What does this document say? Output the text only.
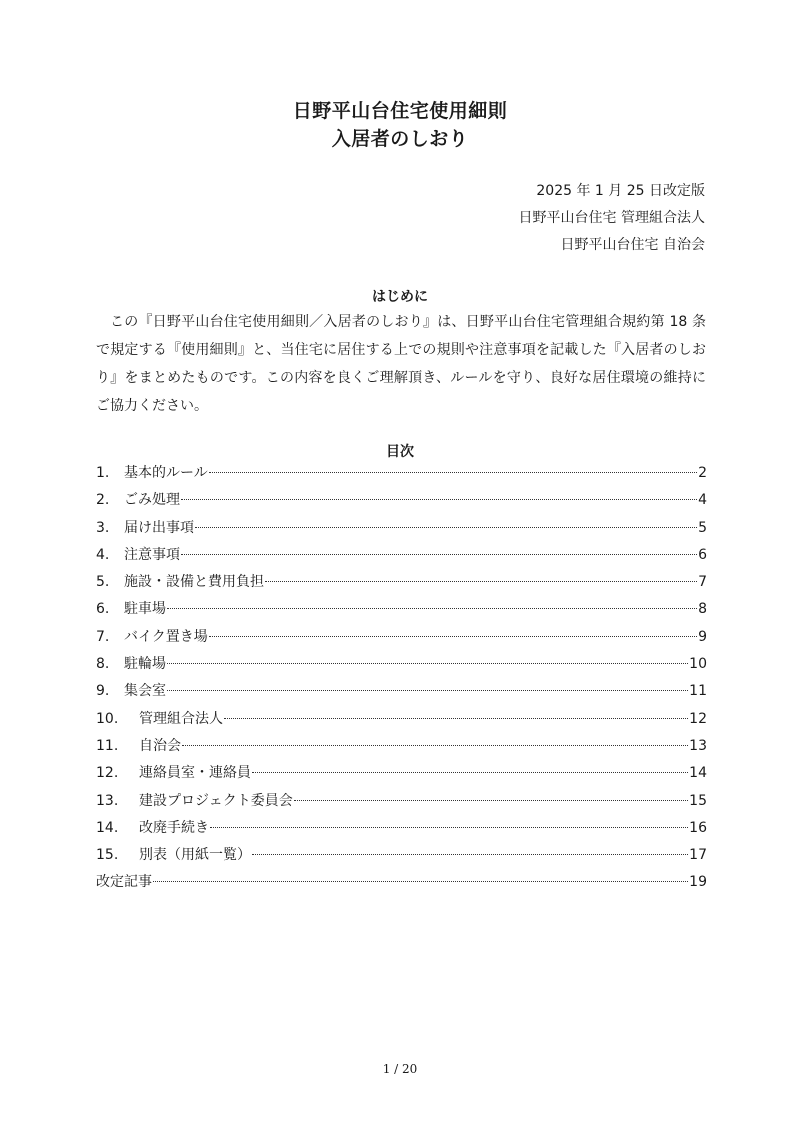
日野平山台住宅使用細則
入居者のしおり
2025 年 1 月 25 日改定版
日野平山台住宅 管理組合法人
日野平山台住宅 自治会
はじめに
この『日野平山台住宅使用細則／入居者のしおり』は、日野平山台住宅管理組合規約第 18 条で規定する『使用細則』と、当住宅に居住する上での規則や注意事項を記載した『入居者のしおり』をまとめたものです。この内容を良くご理解頂き、ルールを守り、良好な居住環境の維持にご協力ください。
目次
1.	基本的ルール	2
2.	ごみ処理	4
3.	届け出事項	5
4.	注意事項	6
5.	施設・設備と費用負担	7
6.	駐車場	8
7.	バイク置き場	9
8.	駐輪場	10
9.	集会室	11
10.	管理組合法人	12
11.	自治会	13
12.	連絡員室・連絡員	14
13.	建設プロジェクト委員会	15
14.	改廃手続き	16
15.	別表（用紙一覧）	17
改定記事	19
1 / 20
